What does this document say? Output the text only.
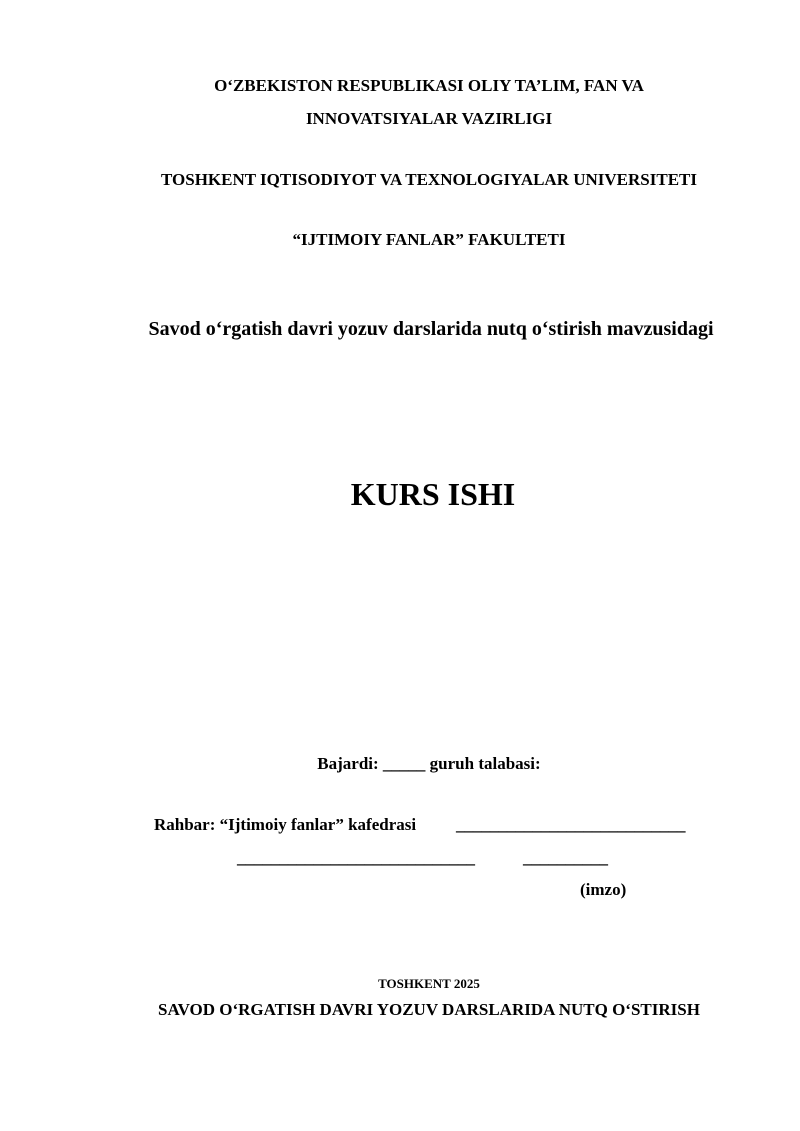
O‘ZBEKISTON RESPUBLIKASI OLIY TA’LIM, FAN VA
INNOVATSIYALAR VAZIRLIGI
TOSHKENT IQTISODIYOT VA TEXNOLOGIYALAR UNIVERSITETI
“IJTIMOIY FANLAR” FAKULTETI
Savod o‘rgatish davri yozuv darslarida nutq o‘stirish mavzusidagi
KURS ISHI
Bajardi: _____ guruh talabasi:
Rahbar: “Ijtimoiy fanlar” kafedrasi ___________________________
____________________________	__________
(imzo)
TOSHKENT 2025
SAVOD O‘RGATISH DAVRI YOZUV DARSLARIDA NUTQ O‘STIRISH
